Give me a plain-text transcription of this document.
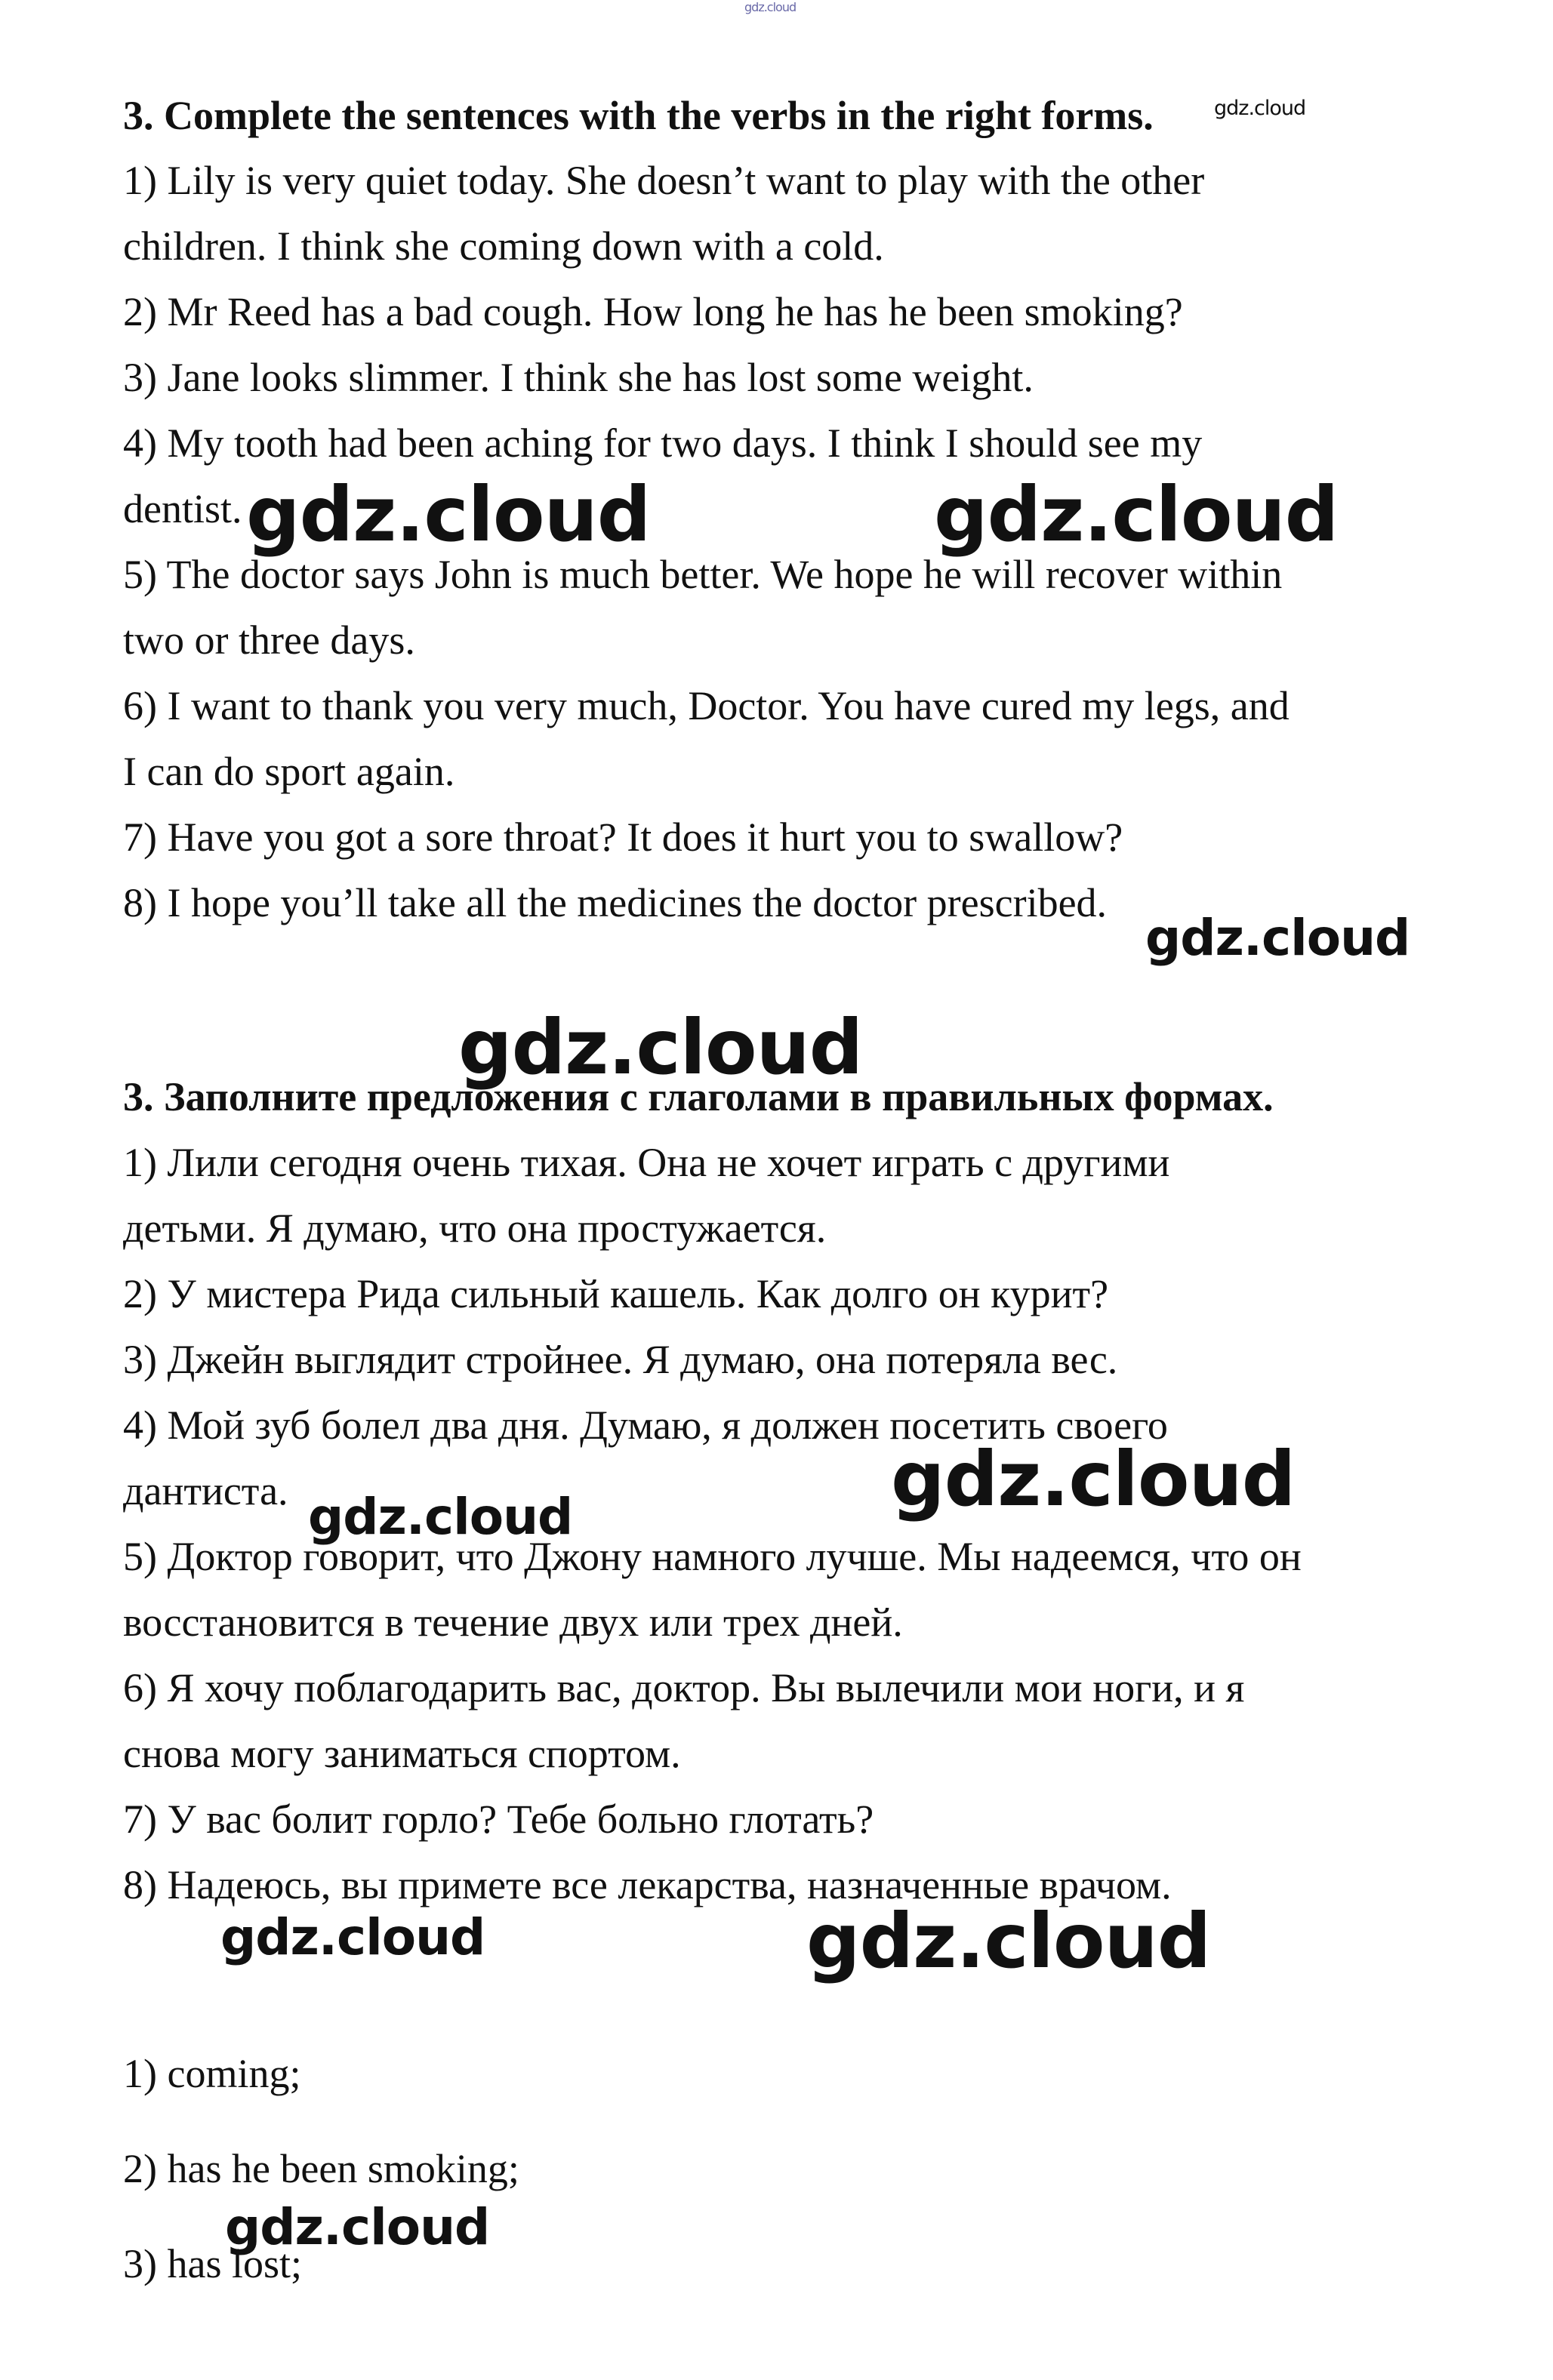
gdz.cloud
3. Complete the sentences with the verbs in the right forms.	gdz.cloud
1) Lily is very quiet today. She doesn’t want to play with the other
children. I think she coming down with a cold.
2) Mr Reed has a bad cough. How long he has he been smoking?
3) Jane looks slimmer. I think she has lost some weight.
4) My tooth had been aching for two days. I think I should see my
dentist. gdz.cloud	gdz.cloud
5) The doctor says John is much better. We hope he will recover within
two or three days.
6) I want to thank you very much, Doctor. You have cured my legs, and
I can do sport again.
7) Have you got a sore throat? It does it hurt you to swallow?
8) I hope you’ll take all the medicines the doctor prescribed.
gdz.cloud
gdz.cloud
3. Заполните предложения с глаголами в правильных формах.
1) Лили сегодня очень тихая. Она не хочет играть с другими
детьми. Я думаю, что она простужается.
2) У мистера Рида сильный кашель. Как долго он курит?
3) Джейн выглядит стройнее. Я думаю, она потеряла вес.
4) Мой зуб болел два дня. Думаю, я должен посетить своего
дантиста.	gdz.cloud
gdz.cloud
5) Доктор говорит, что Джону намного лучше. Мы надеемся, что он
восстановится в течение двух или трех дней.
6) Я хочу поблагодарить вас, доктор. Вы вылечили мои ноги, и я
снова могу заниматься спортом.
7) У вас болит горло? Тебе больно глотать?
8) Надеюсь, вы примете все лекарства, назначенные врачом.
gdz.cloud	gdz.cloud
1) coming;
2) has he been smoking;
gdz.cloud
3) has lost;
